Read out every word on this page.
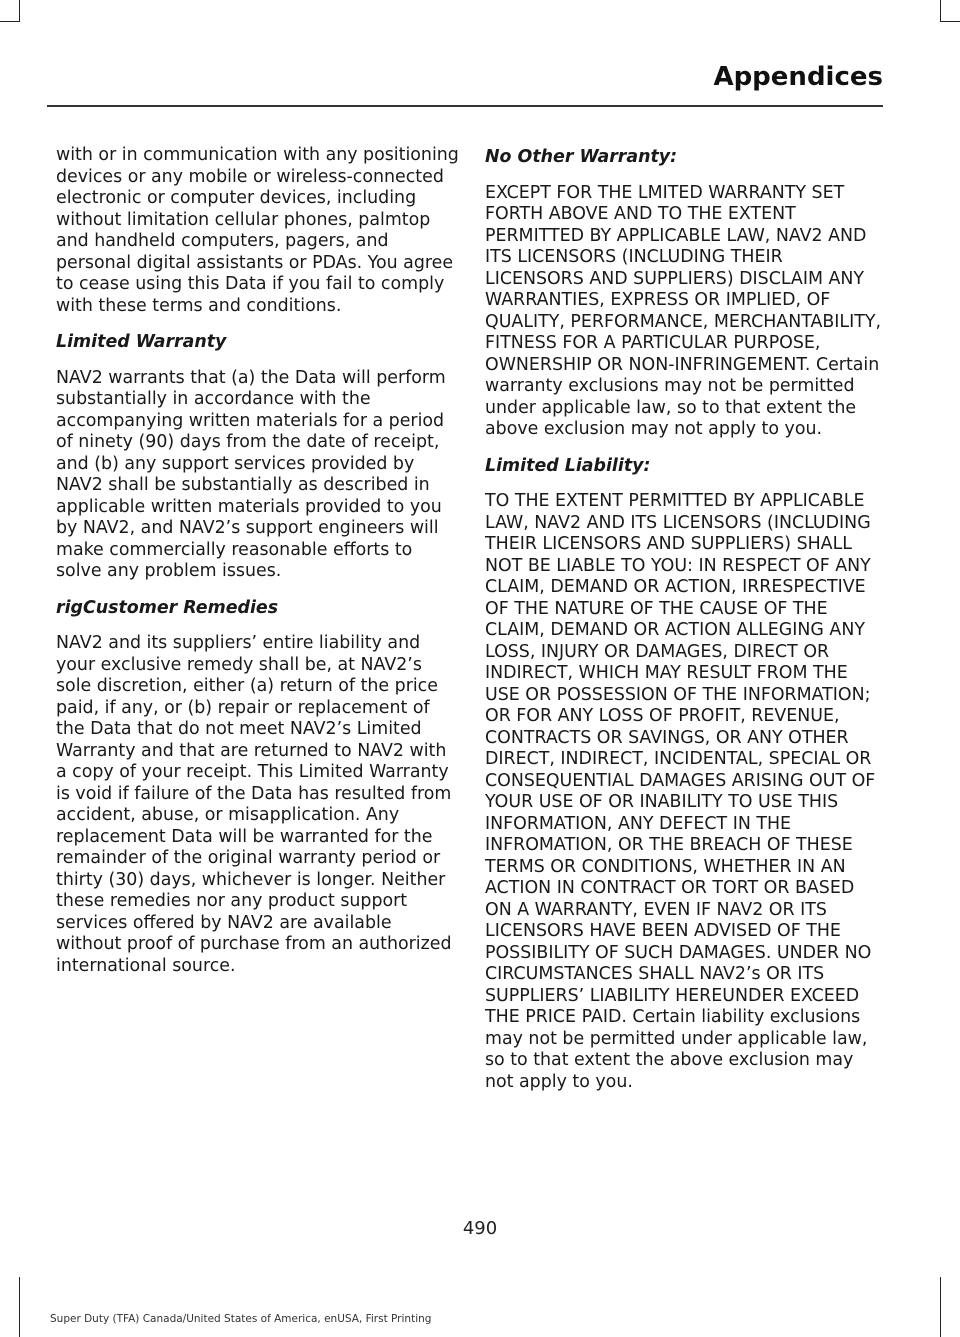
Appendices

with or in communication with any positioning devices or any mobile or wireless-connected electronic or computer devices, including without limitation cellular phones, palmtop and handheld computers, pagers, and personal digital assistants or PDAs. You agree to cease using this Data if you fail to comply with these terms and conditions.

Limited Warranty

NAV2 warrants that (a) the Data will perform substantially in accordance with the accompanying written materials for a period of ninety (90) days from the date of receipt, and (b) any support services provided by NAV2 shall be substantially as described in applicable written materials provided to you by NAV2, and NAV2’s support engineers will make commercially reasonable efforts to solve any problem issues.

rigCustomer Remedies

NAV2 and its suppliers’ entire liability and your exclusive remedy shall be, at NAV2’s sole discretion, either (a) return of the price paid, if any, or (b) repair or replacement of the Data that do not meet NAV2’s Limited Warranty and that are returned to NAV2 with a copy of your receipt. This Limited Warranty is void if failure of the Data has resulted from accident, abuse, or misapplication. Any replacement Data will be warranted for the remainder of the original warranty period or thirty (30) days, whichever is longer. Neither these remedies nor any product support services offered by NAV2 are available without proof of purchase from an authorized international source.

No Other Warranty:

EXCEPT FOR THE LMITED WARRANTY SET FORTH ABOVE AND TO THE EXTENT PERMITTED BY APPLICABLE LAW, NAV2 AND ITS LICENSORS (INCLUDING THEIR LICENSORS AND SUPPLIERS) DISCLAIM ANY WARRANTIES, EXPRESS OR IMPLIED, OF QUALITY, PERFORMANCE, MERCHANTABILITY, FITNESS FOR A PARTICULAR PURPOSE, OWNERSHIP OR NON-INFRINGEMENT. Certain warranty exclusions may not be permitted under applicable law, so to that extent the above exclusion may not apply to you.

Limited Liability:

TO THE EXTENT PERMITTED BY APPLICABLE LAW, NAV2 AND ITS LICENSORS (INCLUDING THEIR LICENSORS AND SUPPLIERS) SHALL NOT BE LIABLE TO YOU: IN RESPECT OF ANY CLAIM, DEMAND OR ACTION, IRRESPECTIVE OF THE NATURE OF THE CAUSE OF THE CLAIM, DEMAND OR ACTION ALLEGING ANY LOSS, INJURY OR DAMAGES, DIRECT OR INDIRECT, WHICH MAY RESULT FROM THE USE OR POSSESSION OF THE INFORMATION; OR FOR ANY LOSS OF PROFIT, REVENUE, CONTRACTS OR SAVINGS, OR ANY OTHER DIRECT, INDIRECT, INCIDENTAL, SPECIAL OR CONSEQUENTIAL DAMAGES ARISING OUT OF YOUR USE OF OR INABILITY TO USE THIS INFORMATION, ANY DEFECT IN THE INFROMATION, OR THE BREACH OF THESE TERMS OR CONDITIONS, WHETHER IN AN ACTION IN CONTRACT OR TORT OR BASED ON A WARRANTY, EVEN IF NAV2 OR ITS LICENSORS HAVE BEEN ADVISED OF THE POSSIBILITY OF SUCH DAMAGES. UNDER NO CIRCUMSTANCES SHALL NAV2’s OR ITS SUPPLIERS’ LIABILITY HEREUNDER EXCEED THE PRICE PAID. Certain liability exclusions may not be permitted under applicable law, so to that extent the above exclusion may not apply to you.

490
Super Duty (TFA) Canada/United States of America, enUSA, First Printing
